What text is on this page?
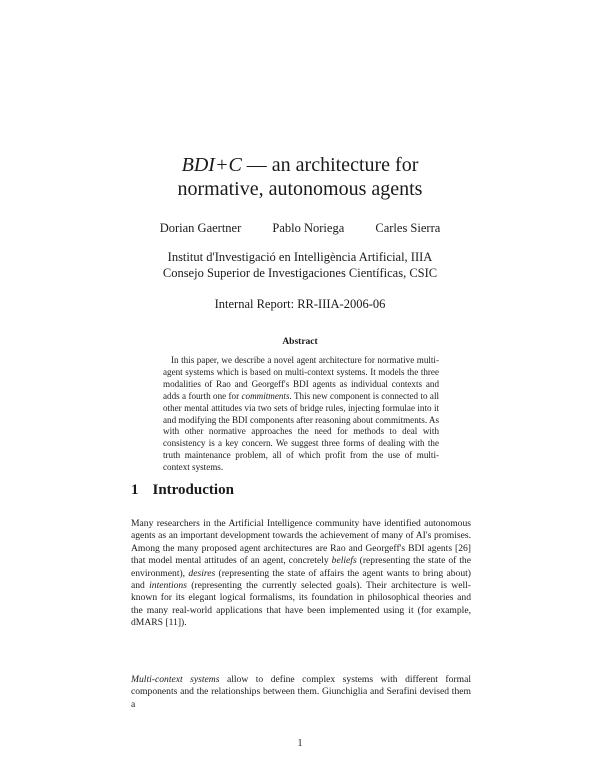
BDI+C — an architecture for
normative, autonomous agents
Dorian Gaertner Pablo Noriega Carles Sierra
Institut d'Investigació en Intelligència Artificial, IIIA
Consejo Superior de Investigaciones Científicas, CSIC
Internal Report: RR-IIIA-2006-06
Abstract
In this paper, we describe a novel agent architecture for normative multi-agent systems which is based on multi-context systems. It models the three modalities of Rao and Georgeff's BDI agents as individual contexts and adds a fourth one for commitments. This new component is connected to all other mental attitudes via two sets of bridge rules, injecting formulae into it and modifying the BDI components after reasoning about commitments. As with other normative approaches the need for methods to deal with consistency is a key concern. We suggest three forms of dealing with the truth maintenance problem, all of which profit from the use of multi-context systems.
1 Introduction
Many researchers in the Artificial Intelligence community have identified autonomous agents as an important development towards the achievement of many of AI's promises. Among the many proposed agent architectures are Rao and Georgeff's BDI agents [26] that model mental attitudes of an agent, concretely beliefs (representing the state of the environment), desires (representing the state of affairs the agent wants to bring about) and intentions (representing the currently selected goals). Their architecture is well-known for its elegant logical formalisms, its foundation in philosophical theories and the many real-world applications that have been implemented using it (for example, dMARS [11]).
Multi-context systems allow to define complex systems with different formal components and the relationships between them. Giunchiglia and Serafini devised them a
1
